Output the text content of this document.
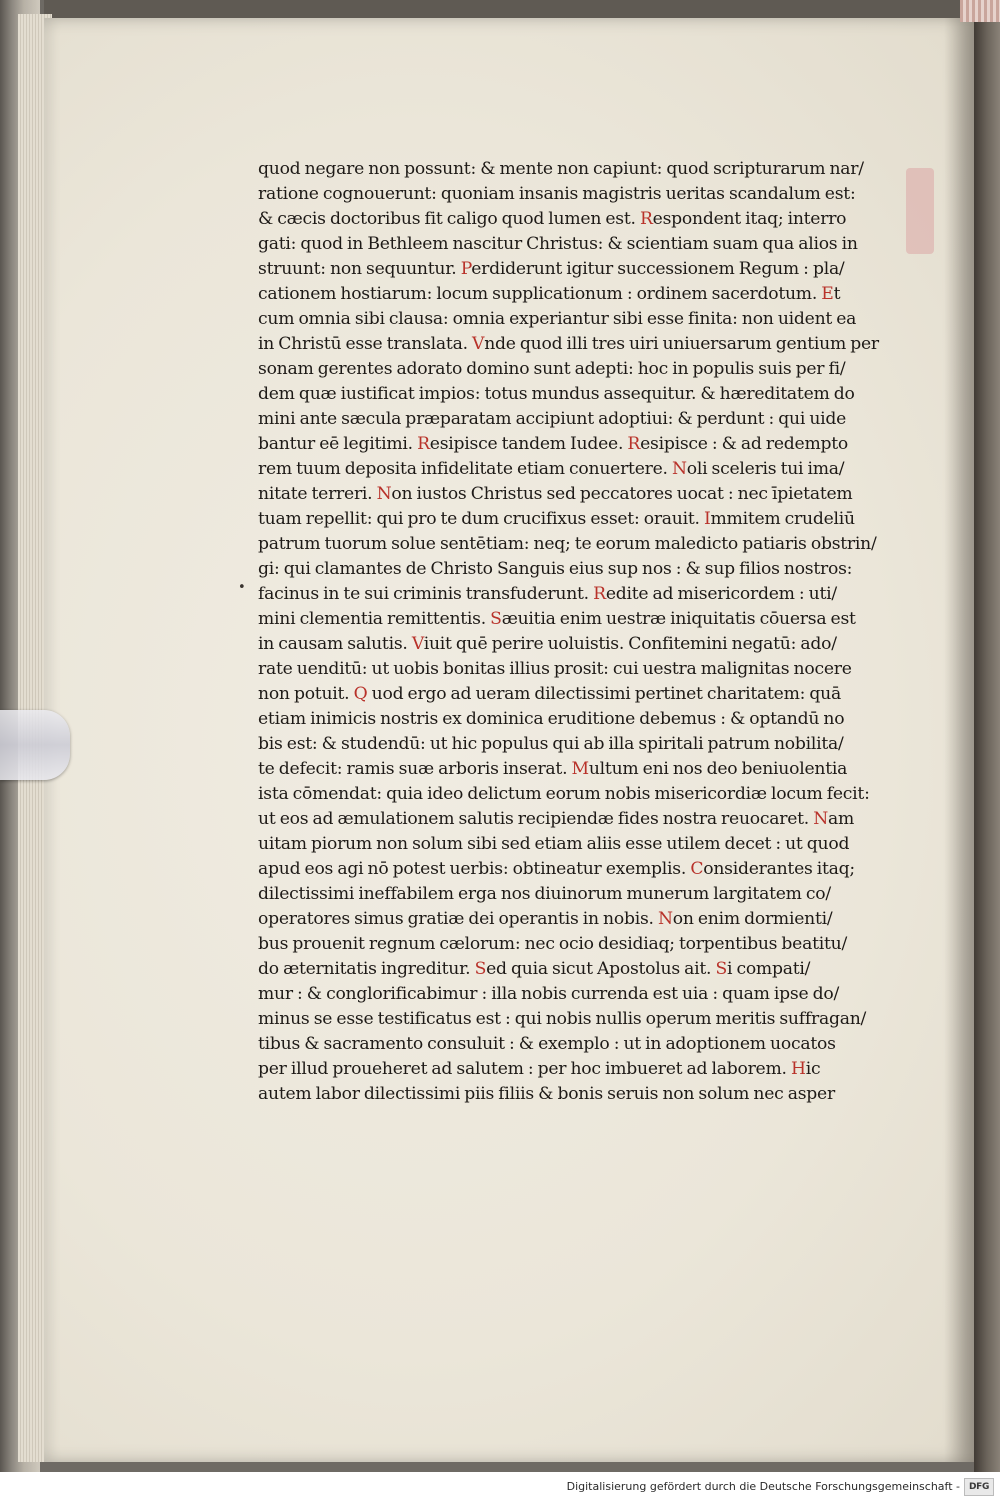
•
quod negare non possunt: & mente non capiunt: quod scripturarum nar/
ratione cognouerunt: quoniam insanis magistris ueritas scandalum est:
& cæcis doctoribus fit caligo quod lumen est. Respondent itaq; interro
gati: quod in Bethleem nascitur Christus: & scientiam suam qua alios in
struunt: non sequuntur. Perdiderunt igitur successionem Regum : pla/
cationem hostiarum: locum supplicationum : ordinem sacerdotum. Et
cum omnia sibi clausa: omnia experiantur sibi esse finita: non uident ea
in Christū esse translata. Vnde quod illi tres uiri uniuersarum gentium per
sonam gerentes adorato domino sunt adepti: hoc in populis suis per fi/
dem quæ iustificat impios: totus mundus assequitur. & hæreditatem do
mini ante sæcula præparatam accipiunt adoptiui: & perdunt : qui uide
bantur eē legitimi. Resipisce tandem Iudee. Resipisce : & ad redempto
rem tuum deposita infidelitate etiam conuertere. Noli sceleris tui ima/
nitate terreri. Non iustos Christus sed peccatores uocat : nec īpietatem
tuam repellit: qui pro te dum crucifixus esset: orauit. Immitem crudeliū
patrum tuorum solue sentētiam: neq; te eorum maledicto patiaris obstrin/
gi: qui clamantes de Christo Sanguis eius sup nos : & sup filios nostros:
facinus in te sui criminis transfuderunt. Redite ad misericordem : uti/
mini clementia remittentis. Sæuitia enim uestræ iniquitatis cōuersa est
in causam salutis. Viuit quē perire uoluistis. Confitemini negatū: ado/
rate uenditū: ut uobis bonitas illius prosit: cui uestra malignitas nocere
non potuit. Q uod ergo ad ueram dilectissimi pertinet charitatem: quā
etiam inimicis nostris ex dominica eruditione debemus : & optandū no
bis est: & studendū: ut hic populus qui ab illa spiritali patrum nobilita/
te defecit: ramis suæ arboris inserat. Multum eni nos deo beniuolentia
ista cōmendat: quia ideo delictum eorum nobis misericordiæ locum fecit:
ut eos ad æmulationem salutis recipiendæ fides nostra reuocaret. Nam
uitam piorum non solum sibi sed etiam aliis esse utilem decet : ut quod
apud eos agi nō potest uerbis: obtineatur exemplis. Considerantes itaq;
dilectissimi ineffabilem erga nos diuinorum munerum largitatem co/
operatores simus gratiæ dei operantis in nobis. Non enim dormienti/
bus prouenit regnum cælorum: nec ocio desidiaq; torpentibus beatitu/
do æternitatis ingreditur. Sed quia sicut Apostolus ait. Si compati/
mur : & conglorificabimur : illa nobis currenda est uia : quam ipse do/
minus se esse testificatus est : qui nobis nullis operum meritis suffragan/
tibus & sacramento consuluit : & exemplo : ut in adoptionem uocatos
per illud proueheret ad salutem : per hoc imbueret ad laborem. Hic
autem labor dilectissimi piis filiis & bonis seruis non solum nec asper
Digitalisierung gefördert durch die Deutsche Forschungsgemeinschaft - DFG
